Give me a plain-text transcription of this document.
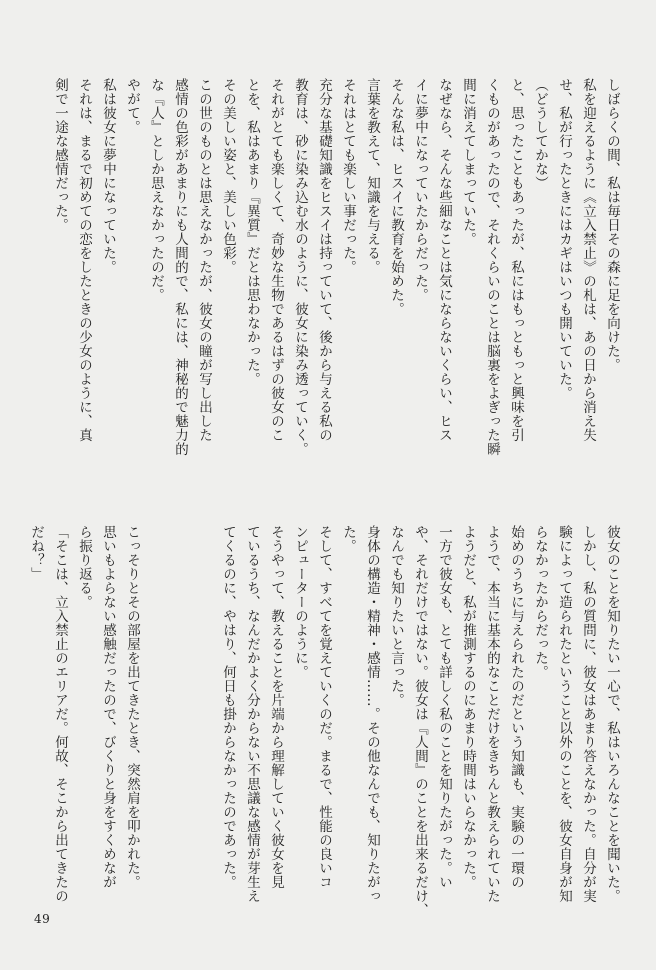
しばらくの間、私は毎日その森に足を向けた。

私を迎えるように《立入禁止》の札は、あの日から消え失

せ、私が行ったときにはカギはいつも開いていた。

（どうしてかな）

と、思ったこともあったが、私にはもっともっと興味を引

くものがあったので、それくらいのことは脳裏をよぎった瞬

間に消えてしまっていた。

なぜなら、そんな些細なことは気にならないくらい、ヒス

イに夢中になっていたからだった。

そんな私は、ヒスイに教育を始めた。

言葉を教えて、知識を与える。

それはとても楽しい事だった。

充分な基礎知識をヒスイは持っていて、後から与える私の

教育は、砂に染み込む水のように、彼女に染み透っていく。

それがとても楽しくて、奇妙な生物であるはずの彼女のこ

とを、私はあまり『異質』だとは思わなかった。

その美しい姿と、美しい色彩。

この世のものとは思えなかったが、彼女の瞳が写し出した

感情の色彩があまりにも人間的で、私には、神秘的で魅力的

な『人』としか思えなかったのだ。

やがて。

私は彼女に夢中になっていた。

それは、まるで初めての恋をしたときの少女のように、真

剣で一途な感情だった。

彼女のことを知りたい一心で、私はいろんなことを聞いた。

しかし、私の質問に、彼女はあまり答えなかった。自分が実

験によって造られたということ以外のことを、彼女自身が知

らなかったからだった。

始めのうちに与えられたのだという知識も、実験の一環の

ようで、本当に基本的なことだけをきちんと教えられていた

ようだと、私が推測するのにあまり時間はいらなかった。

一方で彼女も、とても詳しく私のことを知りたがった。い

や、それだけではない。彼女は『人間』のことを出来るだけ、

なんでも知りたいと言った。

身体の構造・精神・感情……。その他なんでも、知りたがっ

た。

そして、すべてを覚えていくのだ。まるで、性能の良いコ

ンピューターのように。

そうやって、教えることを片端から理解していく彼女を見

ているうち、なんだかよく分からない不思議な感情が芽生え

てくるのに、やはり、何日も掛からなかったのであった。

こっそりとその部屋を出てきたとき、突然肩を叩かれた。

思いもよらない感触だったので、びくりと身をすくめなが

ら振り返る。

「そこは、立入禁止のエリアだ。何故、そこから出てきたの

だね？」

49
